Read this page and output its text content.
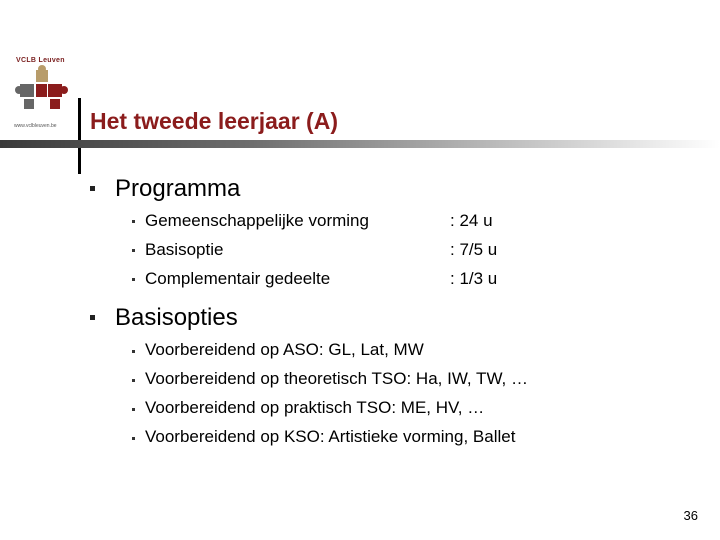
VCLB Leuven
www.vclbleuven.be Het tweede leerjaar (A)
Programma
Gemeenschappelijke vorming	: 24 u
Basisoptie	: 7/5 u
Complementair gedeelte	: 1/3 u
Basisopties
Voorbereidend op ASO: GL, Lat, MW
Voorbereidend op theoretisch TSO: Ha, IW, TW, …
Voorbereidend op praktisch TSO: ME, HV, …
Voorbereidend op KSO: Artistieke vorming, Ballet
36
